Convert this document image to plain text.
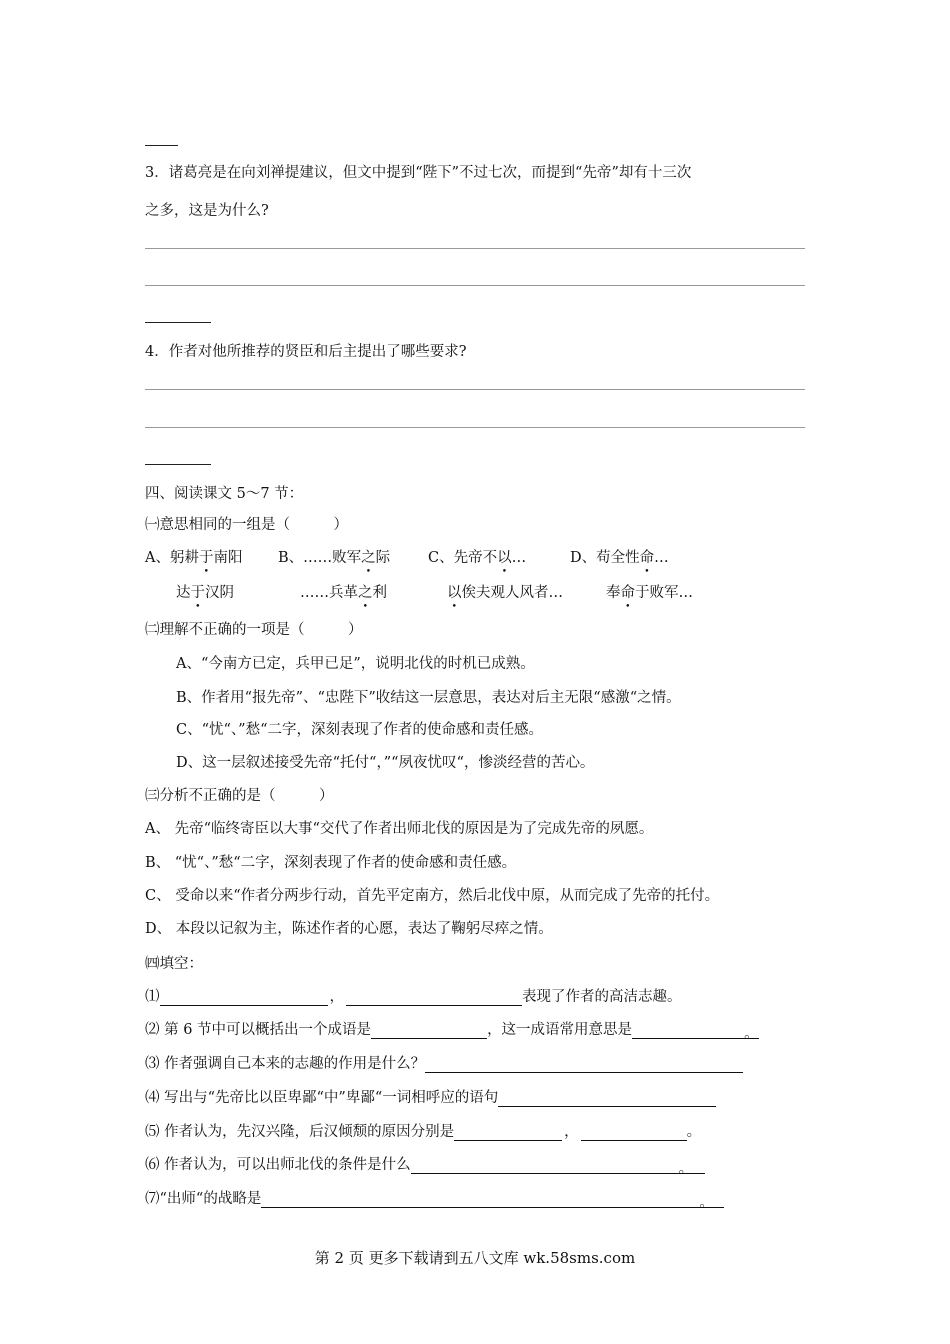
3．诸葛亮是在向刘禅提建议，但文中提到“陛下”不过七次，而提到“先帝”却有十三次
之多，这是为什么?
4．作者对他所推荐的贤臣和后主提出了哪些要求?
四、阅读课文 5～7 节：
㈠意思相同的一组是（　　　）
A、躬耕于南阳 B、……败军之际	C、先帝不以…	D、苟全性命…
达于汉阴	……兵革之利	以俟夫观人风者…	奉命于败军…
㈡理解不正确的一项是（　　　）
A、“今南方已定，兵甲已足”，说明北伐的时机已成熟。
B、作者用“报先帝”、“忠陛下”收结这一层意思，表达对后主无限“感激“之情。
C、“忧“、”愁“二字，深刻表现了作者的使命感和责任感。
D、这一层叙述接受先帝“托付“，”“夙夜忧叹“，惨淡经营的苦心。
㈢分析不正确的是（　　　）
A、 先帝“临终寄臣以大事“交代了作者出师北伐的原因是为了完成先帝的夙愿。
B、 “忧“、”愁“二字，深刻表现了作者的使命感和责任感。
C、 受命以来“作者分两步行动，首先平定南方，然后北伐中原，从而完成了先帝的托付。
D、 本段以记叙为主，陈述作者的心愿，表达了鞠躬尽瘁之情。
㈣填空：
⑴	，	表现了作者的高洁志趣。
⑵ 第 6 节中可以概括出一个成语是	，这一成语常用意思是	。
⑶ 作者强调自己本来的志趣的作用是什么？
⑷ 写出与“先帝比以臣卑鄙“中”卑鄙“一词相呼应的语句
⑸ 作者认为，先汉兴隆，后汉倾颓的原因分别是	，	。
⑹ 作者认为，可以出师北伐的条件是什么	。
⑺“出师“的战略是	。
第 2 页 更多下载请到五八文库 wk.58sms.com
